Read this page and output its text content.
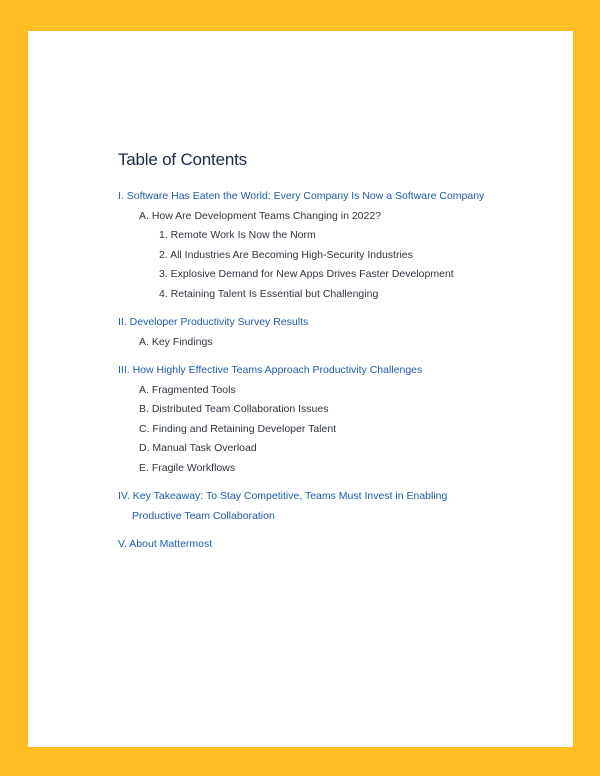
Table of Contents
I. Software Has Eaten the World: Every Company Is Now a Software Company
A. How Are Development Teams Changing in 2022?
1. Remote Work Is Now the Norm
2. All Industries Are Becoming High-Security Industries
3. Explosive Demand for New Apps Drives Faster Development
4. Retaining Talent Is Essential but Challenging
II. Developer Productivity Survey Results
A. Key Findings
III. How Highly Effective Teams Approach Productivity Challenges
A. Fragmented Tools
B. Distributed Team Collaboration Issues
C. Finding and Retaining Developer Talent
D. Manual Task Overload
E. Fragile Workflows
IV. Key Takeaway: To Stay Competitive, Teams Must Invest in Enabling
Productive Team Collaboration
V. About Mattermost
